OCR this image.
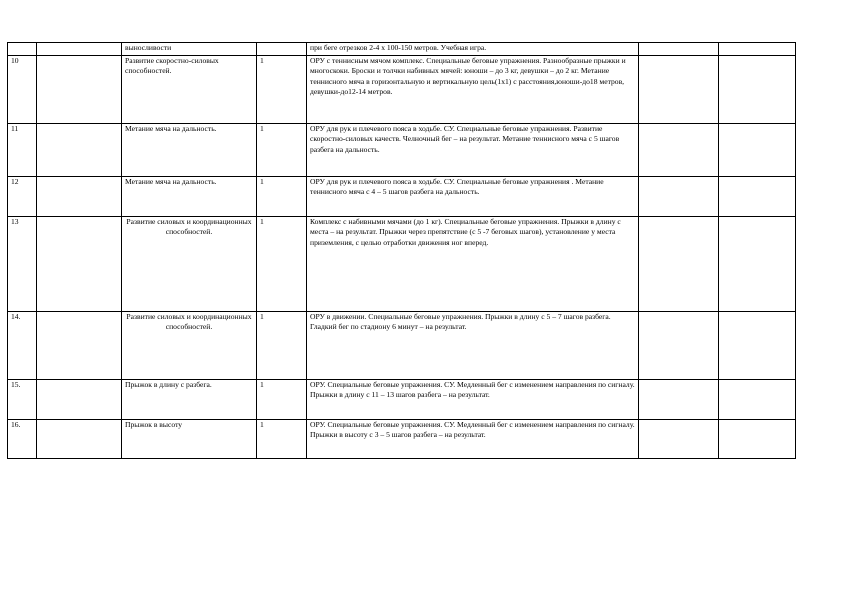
		выносливости		при беге отрезков 2-4 х 100-150 метров. Учебная игра.		
10		Развитие скоростно-силовых способностей.	1	ОРУ с теннисным мячом комплекс. Специальные беговые упражнения. Разнообразные прыжки и многоскоки. Броски и толчки набивных мячей: юноши – до 3 кг, девушки – до 2 кг. Метание теннисного мяча в горизонтальную и вертикальную цель(1х1) с расстояния,юноши-до18 метров, девушки-до12-14 метров.		
11		Метание мяча на дальность.	1	ОРУ для рук и плечевого пояса в ходьбе. СУ. Специальные беговые упражнения. Развитие скоростно-силовых качеств. Челночный бег – на результат. Метание теннисного мяча с 5 шагов разбега на дальность.		
12		Метание мяча на дальность.	1	ОРУ для рук и плечевого пояса в ходьбе. СУ. Специальные беговые упражнения . Метание теннисного мяча с 4 – 5 шагов разбега на дальность.		
13		Развитие силовых и координационных способностей.	1	Комплекс с набивными мячами (до 1 кг). Специальные беговые упражнения. Прыжки в длину с места – на результат. Прыжки через препятствие (с 5 -7 беговых шагов), установление у места приземления, с целью отработки движения ног вперед.		
14.		Развитие силовых и координационных способностей.	1	ОРУ в движении. Специальные беговые упражнения. Прыжки в длину с 5 – 7 шагов разбега. Гладкий бег по стадиону 6 минут – на результат.		
15.		Прыжок в длину с разбега.	1	ОРУ. Специальные беговые упражнения. СУ. Медленный бег с изменением направления по сигналу. Прыжки в длину с 11 – 13 шагов разбега – на результат.		
16.		Прыжок в высоту	1	ОРУ. Специальные беговые упражнения. СУ. Медленный бег с изменением направления по сигналу. Прыжки в высоту с 3 – 5 шагов разбега – на результат.		
